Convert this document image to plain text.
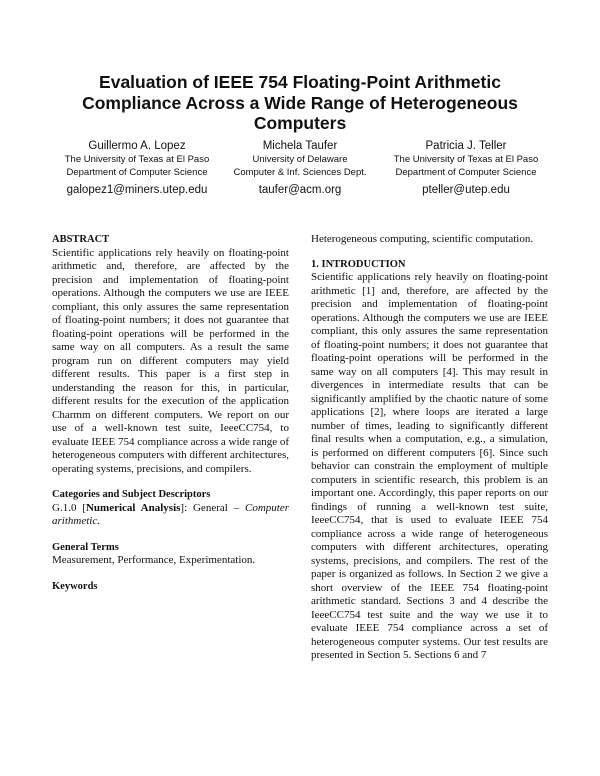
Evaluation of IEEE 754 Floating-Point Arithmetic
Compliance Across a Wide Range of Heterogeneous
Computers
Guillermo A. Lopez
The University of Texas at El Paso
Department of Computer Science
galopez1@miners.utep.edu
Michela Taufer
University of Delaware
Computer & Inf. Sciences Dept.
taufer@acm.org
Patricia J. Teller
The University of Texas at El Paso
Department of Computer Science
pteller@utep.edu
ABSTRACT

Scientific applications rely heavily on floating-point arithmetic and, therefore, are affected by the precision and implementation of floating-point operations. Although the computers we use are IEEE compliant, this only assures the same representation of floating-point numbers; it does not guarantee that floating-point operations will be performed in the same way on all computers. As a result the same program run on different computers may yield different results. This paper is a first step in understanding the reason for this, in particular, different results for the execution of the application Charmm on different computers. We report on our use of a well-known test suite, IeeeCC754, to evaluate IEEE 754 compliance across a wide range of heterogeneous computers with different architectures, operating systems, precisions, and compilers.

Categories and Subject Descriptors

G.1.0 [Numerical Analysis]: General – Computer arithmetic.

General Terms

Measurement, Performance, Experimentation.

Keywords

Heterogeneous computing, scientific computation.

1. INTRODUCTION

Scientific applications rely heavily on floating-point arithmetic [1] and, therefore, are affected by the precision and implementation of floating-point operations. Although the computers we use are IEEE compliant, this only assures the same representation of floating-point numbers; it does not guarantee that floating-point operations will be performed in the same way on all computers [4]. This may result in divergences in intermediate results that can be significantly amplified by the chaotic nature of some applications [2], where loops are iterated a large number of times, leading to significantly different final results when a computation, e.g., a simulation, is performed on different computers [6]. Since such behavior can constrain the employment of multiple computers in scientific research, this problem is an important one. Accordingly, this paper reports on our findings of running a well-known test suite, IeeeCC754, that is used to evaluate IEEE 754 compliance across a wide range of heterogeneous computers with different architectures, operating systems, precisions, and compilers. The rest of the paper is organized as follows. In Section 2 we give a short overview of the IEEE 754 floating-point arithmetic standard. Sections 3 and 4 describe the IeeeCC754 test suite and the way we use it to evaluate IEEE 754 compliance across a set of heterogeneous computer systems. Our test results are presented in Section 5. Sections 6 and 7
